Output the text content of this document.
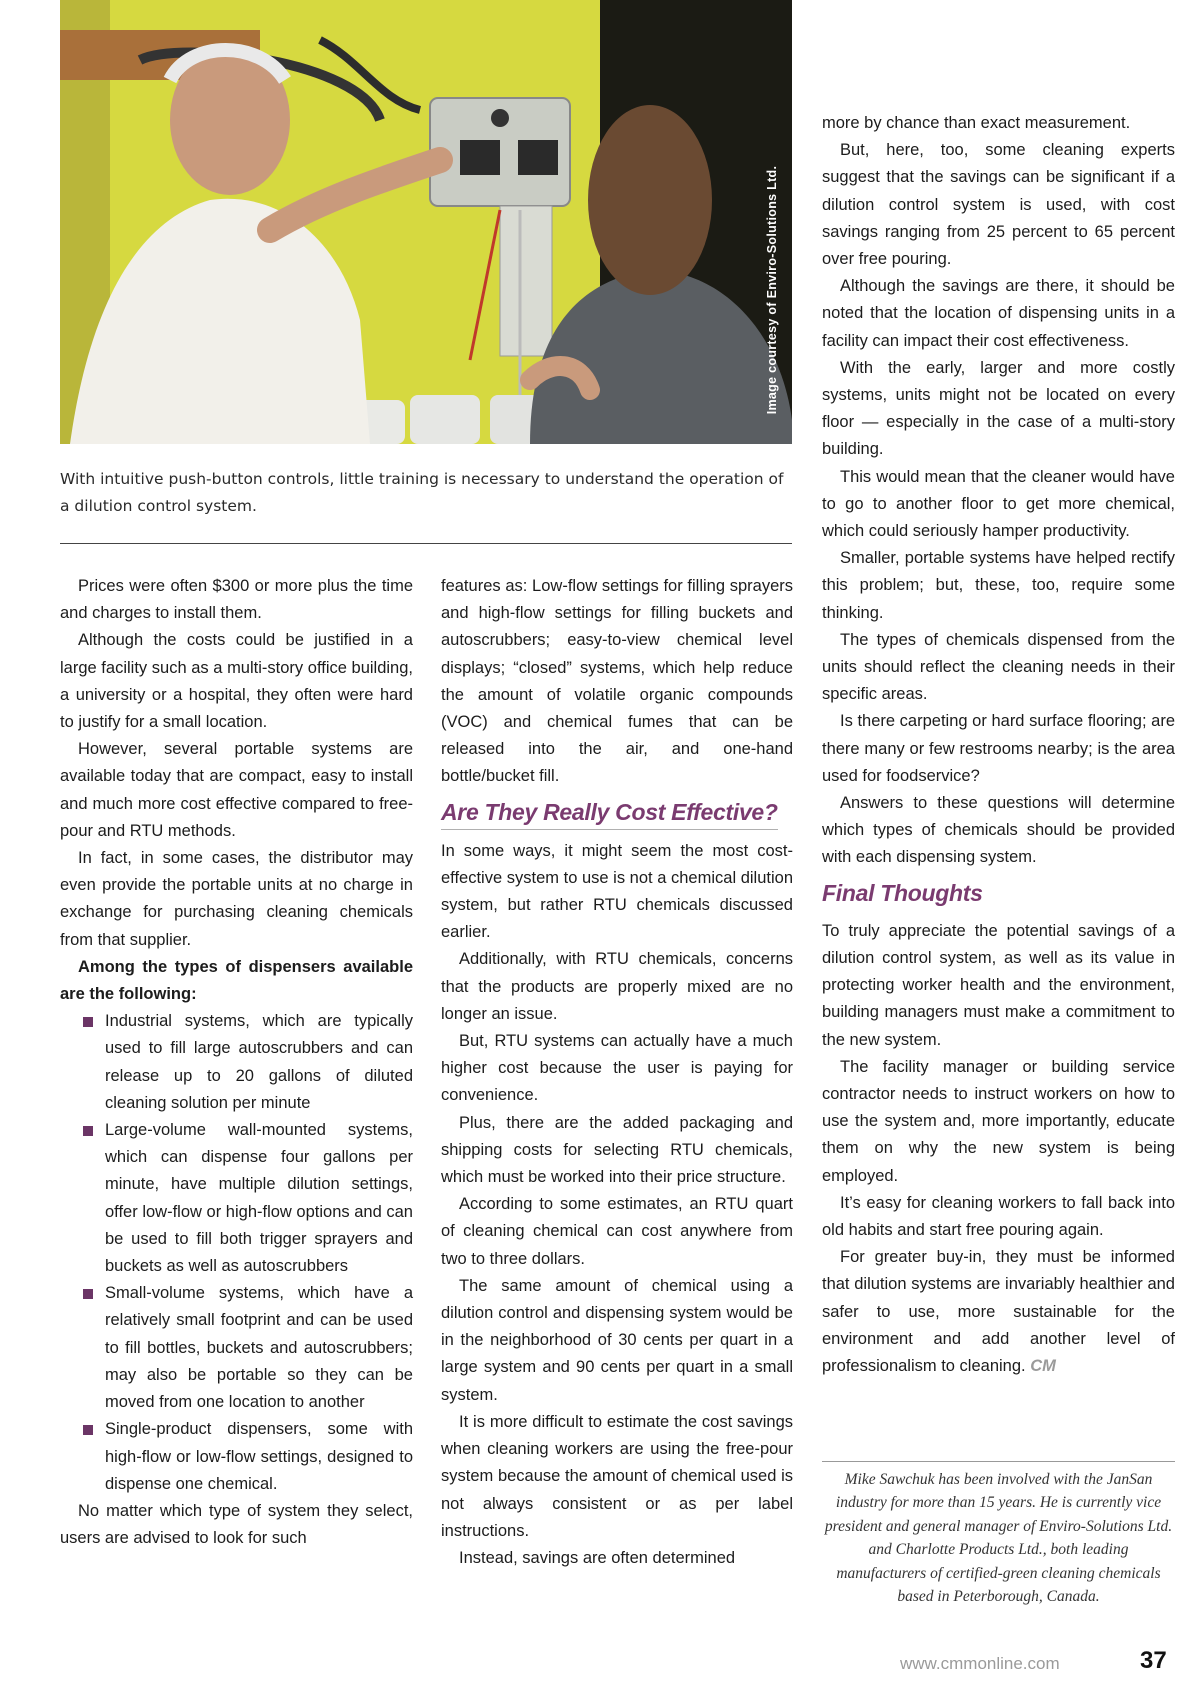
Image courtesy of Enviro-Solutions Ltd.
With intuitive push-button controls, little training is necessary to understand the operation of a dilution control system.

Prices were often $300 or more plus the time and charges to install them.

Although the costs could be justified in a large facility such as a multi-story office building, a university or a hospital, they often were hard to justify for a small location.

However, several portable systems are available today that are compact, easy to install and much more cost effective compared to free-pour and RTU methods.

In fact, in some cases, the distributor may even provide the portable units at no charge in exchange for purchasing cleaning chemicals from that supplier.

Among the types of dispensers available are the following:

Industrial systems, which are typically used to fill large autoscrubbers and can release up to 20 gallons of diluted cleaning solution per minute
Large-volume wall-mounted systems, which can dispense four gallons per minute, have multiple dilution settings, offer low-flow or high-flow options and can be used to fill both trigger sprayers and buckets as well as autoscrubbers
Small-volume systems, which have a relatively small footprint and can be used to fill bottles, buckets and autoscrubbers; may also be portable so they can be moved from one location to another
Single-product dispensers, some with high-flow or low-flow settings, designed to dispense one chemical.

No matter which type of system they select, users are advised to look for such

features as: Low-flow settings for filling sprayers and high-flow settings for filling buckets and autoscrubbers; easy-to-view chemical level displays; “closed” systems, which help reduce the amount of volatile organic compounds (VOC) and chemical fumes that can be released into the air, and one-hand bottle/bucket fill.

Are They Really Cost Effective?

In some ways, it might seem the most cost-effective system to use is not a chemical dilution system, but rather RTU chemicals discussed earlier.

Additionally, with RTU chemicals, concerns that the products are properly mixed are no longer an issue.

But, RTU systems can actually have a much higher cost because the user is paying for convenience.

Plus, there are the added packaging and shipping costs for selecting RTU chemicals, which must be worked into their price structure.

According to some estimates, an RTU quart of cleaning chemical can cost anywhere from two to three dollars.

The same amount of chemical using a dilution control and dispensing system would be in the neighborhood of 30 cents per quart in a large system and 90 cents per quart in a small system.

It is more difficult to estimate the cost savings when cleaning workers are using the free-pour system because the amount of chemical used is not always consistent or as per label instructions.

Instead, savings are often determined

more by chance than exact measurement.

But, here, too, some cleaning experts suggest that the savings can be significant if a dilution control system is used, with cost savings ranging from 25 percent to 65 percent over free pouring.

Although the savings are there, it should be noted that the location of dispensing units in a facility can impact their cost effectiveness.

With the early, larger and more costly systems, units might not be located on every floor — especially in the case of a multi-story building.

This would mean that the cleaner would have to go to another floor to get more chemical, which could seriously hamper productivity.

Smaller, portable systems have helped rectify this problem; but, these, too, require some thinking.

The types of chemicals dispensed from the units should reflect the cleaning needs in their specific areas.

Is there carpeting or hard surface flooring; are there many or few restrooms nearby; is the area used for foodservice?

Answers to these questions will determine which types of chemicals should be provided with each dispensing system.

Final Thoughts

To truly appreciate the potential savings of a dilution control system, as well as its value in protecting worker health and the environment, building managers must make a commitment to the new system.

The facility manager or building service contractor needs to instruct workers on how to use the system and, more importantly, educate them on why the new system is being employed.

It’s easy for cleaning workers to fall back into old habits and start free pouring again.

For greater buy-in, they must be informed that dilution systems are invariably healthier and safer to use, more sustainable for the environment and add another level of professionalism to cleaning. CM

Mike Sawchuk has been involved with the JanSan industry for more than 15 years. He is currently vice president and general manager of Enviro-Solutions Ltd. and Charlotte Products Ltd., both leading manufacturers of certified-green cleaning chemicals based in Peterborough, Canada.
www.cmmonline.com	37
